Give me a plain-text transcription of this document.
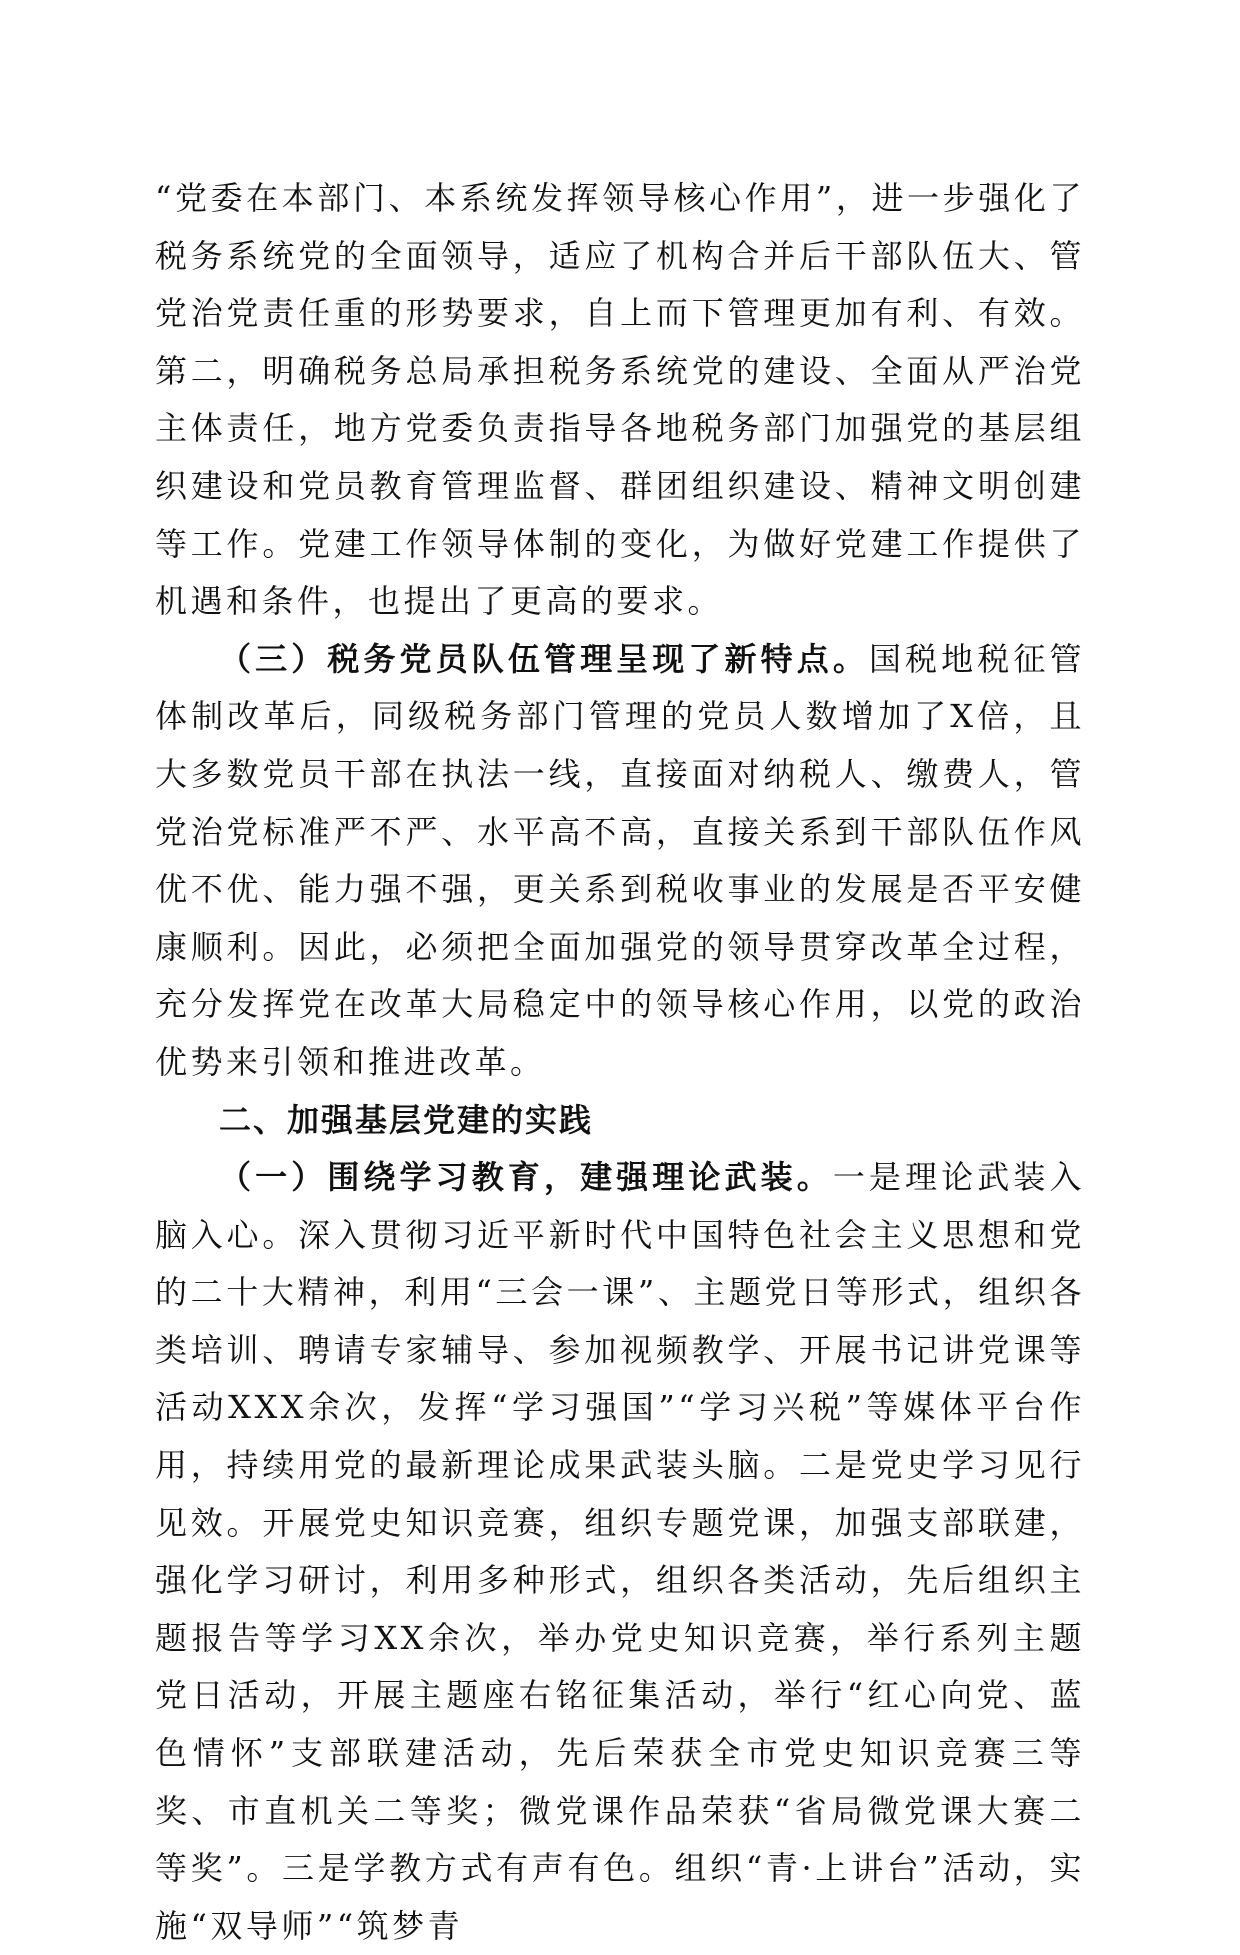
“党委在本部门、本系统发挥领导核心作用”，进一步强化了税务系统党的全面领导，适应了机构合并后干部队伍大、管党治党责任重的形势要求，自上而下管理更加有利、有效。第二，明确税务总局承担税务系统党的建设、全面从严治党主体责任，地方党委负责指导各地税务部门加强党的基层组织建设和党员教育管理监督、群团组织建设、精神文明创建等工作。党建工作领导体制的变化，为做好党建工作提供了机遇和条件，也提出了更高的要求。

（三）税务党员队伍管理呈现了新特点。国税地税征管体制改革后，同级税务部门管理的党员人数增加了X倍，且大多数党员干部在执法一线，直接面对纳税人、缴费人，管党治党标准严不严、水平高不高，直接关系到干部队伍作风优不优、能力强不强，更关系到税收事业的发展是否平安健康顺利。因此，必须把全面加强党的领导贯穿改革全过程，充分发挥党在改革大局稳定中的领导核心作用，以党的政治优势来引领和推进改革。

二、加强基层党建的实践

（一）围绕学习教育，建强理论武装。一是理论武装入脑入心。深入贯彻习近平新时代中国特色社会主义思想和党的二十大精神，利用“三会一课”、主题党日等形式，组织各类培训、聘请专家辅导、参加视频教学、开展书记讲党课等活动XXX余次，发挥“学习强国”“学习兴税”等媒体平台作用，持续用党的最新理论成果武装头脑。二是党史学习见行见效。开展党史知识竞赛，组织专题党课，加强支部联建，强化学习研讨，利用多种形式，组织各类活动，先后组织主题报告等学习XX余次，举办党史知识竞赛，举行系列主题党日活动，开展主题座右铭征集活动，举行“红心向党、蓝色情怀”支部联建活动，先后荣获全市党史知识竞赛三等奖、市直机关二等奖；微党课作品荣获“省局微党课大赛二等奖”。三是学教方式有声有色。组织“青·上讲台”活动，实施“双导师”“筑梦青
